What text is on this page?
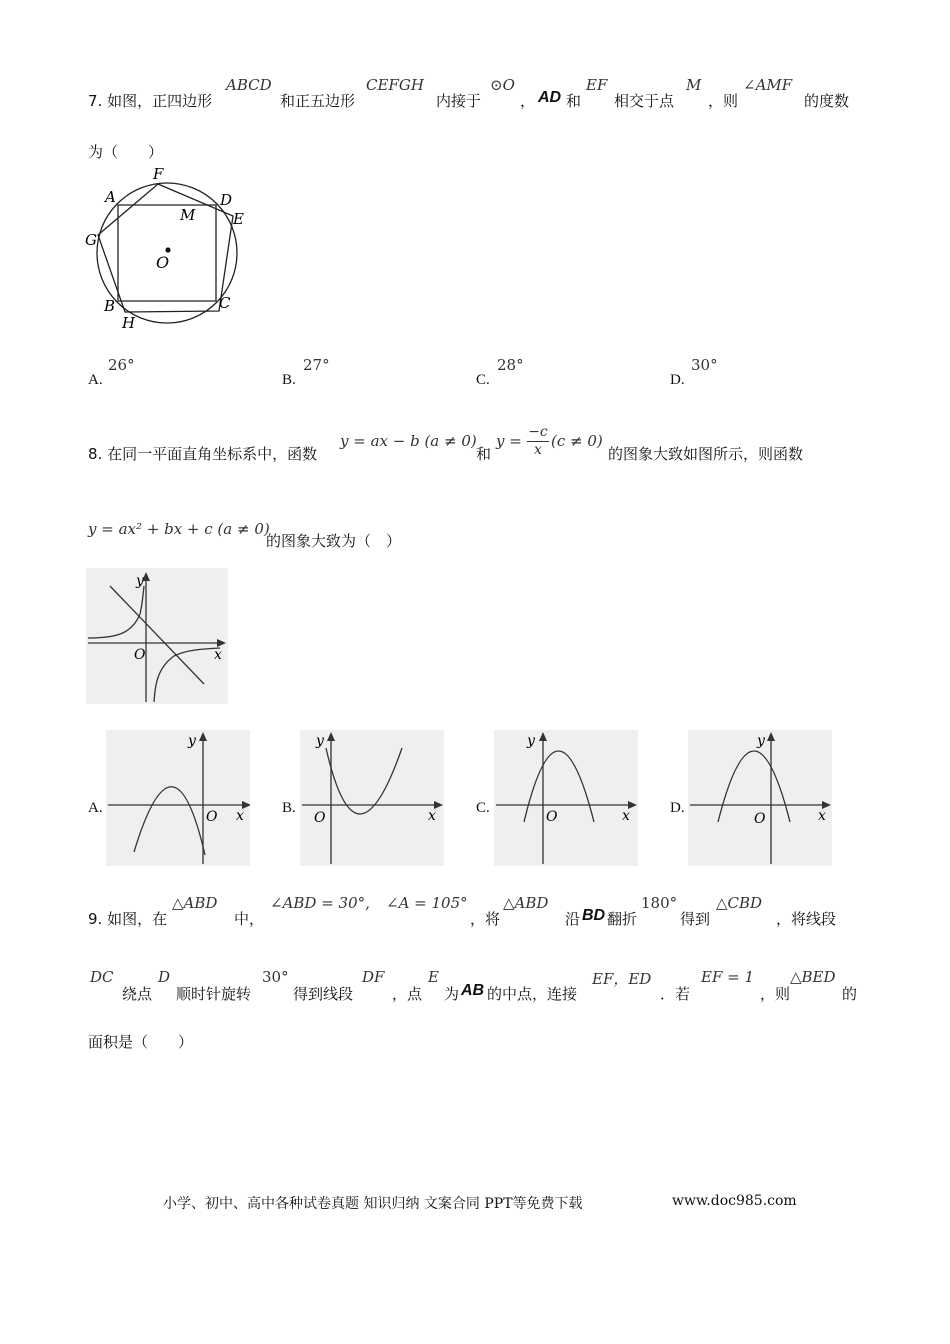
7. 如图，正四边形
ABCD
和正五边形
CEFGH
内接于
⊙O
， AD 和
EF
相交于点
M
，则
∠AMF
的度数
为（　　）
A
F
D
M	E
G
O
B
H
C
A.
26°
B.
27°
C.
28°
D.
30°
8. 在同一平面直角坐标系中，函数
y = ax − b (a ≠ 0)
和
$y = \frac{-c}{x} (c \ne 0)$
的图象大致如图所示，则函数
y = ax² + bx + c (a ≠ 0)
的图象大致为（　）
y
x
O
A.
y
x
O
B.
y
x
O
C.
y
x
O
D.
y
x
O
9. 如图，在
△ABD
中，
∠ABD = 30°, ∠A = 105°
，将
△ABD
沿 BD 翻折
180°
得到
△CBD
，将线段
DC
绕点
D
顺时针旋转
30°
得到线段
DF
，点
E
为 AB 的中点，连接
EF，ED
．若
EF = 1
，则
△BED
的
面积是（　　）
小学、初中、高中各种试卷真题 知识归纳 文案合同 PPT等免费下载	www.doc985.com
